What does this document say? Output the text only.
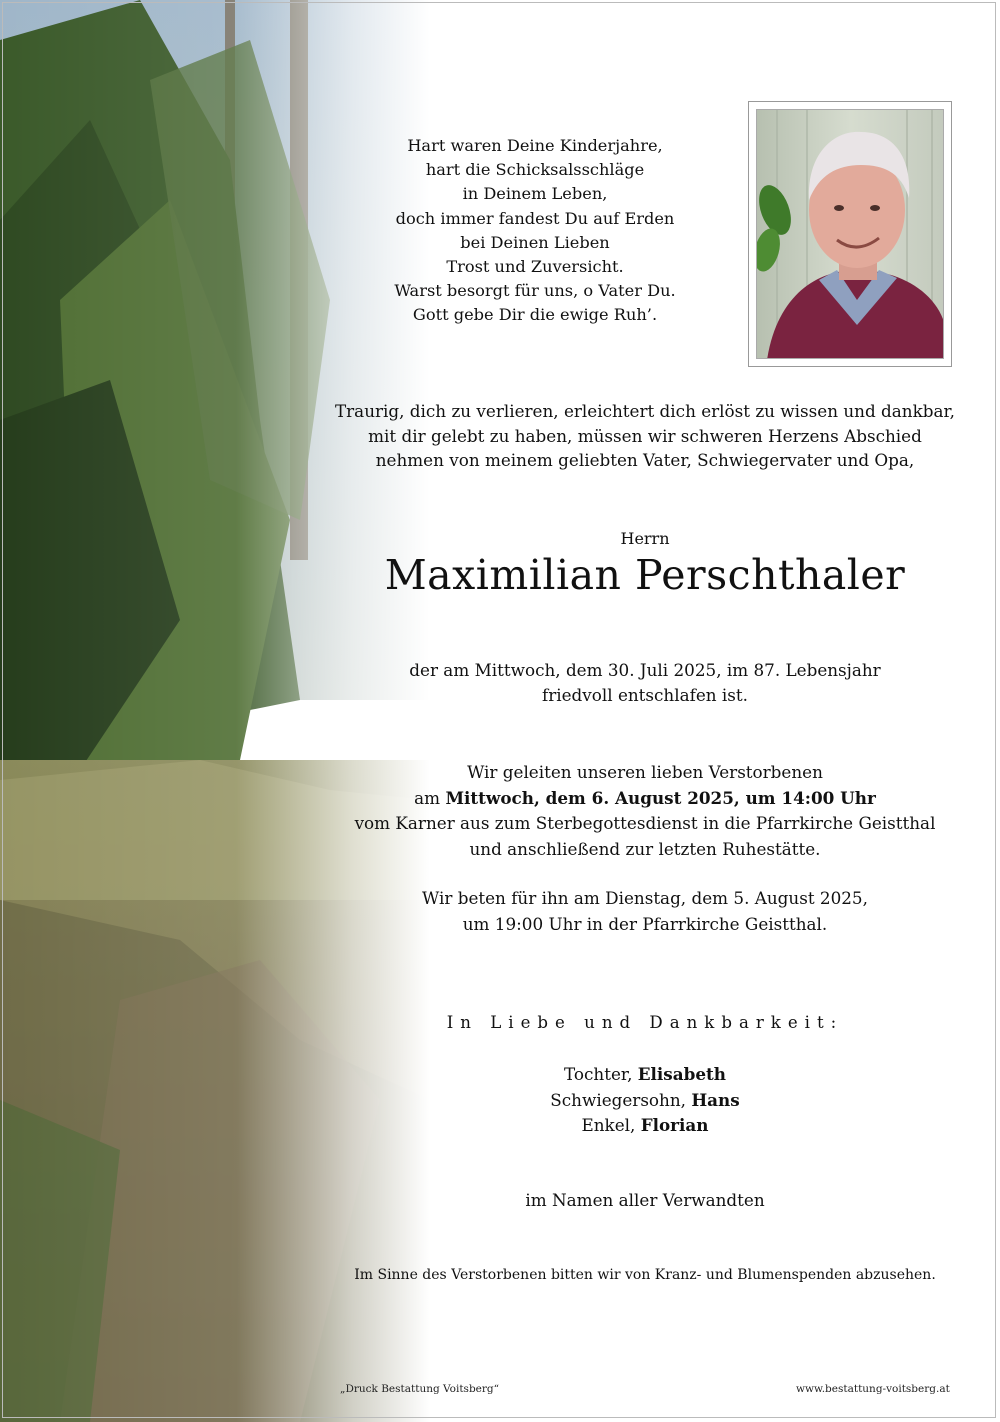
Hart waren Deine Kinderjahre,
hart die Schicksalsschläge
in Deinem Leben,
doch immer fandest Du auf Erden
bei Deinen Lieben
Trost und Zuversicht.
Warst besorgt für uns, o Vater Du.
Gott gebe Dir die ewige Ruh’.
Traurig, dich zu verlieren, erleichtert dich erlöst zu wissen und dankbar,
mit dir gelebt zu haben, müssen wir schweren Herzens Abschied
nehmen von meinem geliebten Vater, Schwiegervater und Opa,
Herrn
Maximilian Perschthaler
der am Mittwoch, dem 30. Juli 2025, im 87. Lebensjahr
friedvoll entschlafen ist.
Wir geleiten unseren lieben Verstorbenen
am Mittwoch, dem 6. August 2025, um 14:00 Uhr
vom Karner aus zum Sterbegottesdienst in die Pfarrkirche Geistthal
und anschließend zur letzten Ruhestätte.
Wir beten für ihn am Dienstag, dem 5. August 2025,
um 19:00 Uhr in der Pfarrkirche Geistthal.
In Liebe und Dankbarkeit:
Tochter, Elisabeth
Schwiegersohn, Hans
Enkel, Florian
im Namen aller Verwandten
Im Sinne des Verstorbenen bitten wir von Kranz- und Blumenspenden abzusehen.
„Druck Bestattung Voitsberg“	www.bestattung-voitsberg.at
